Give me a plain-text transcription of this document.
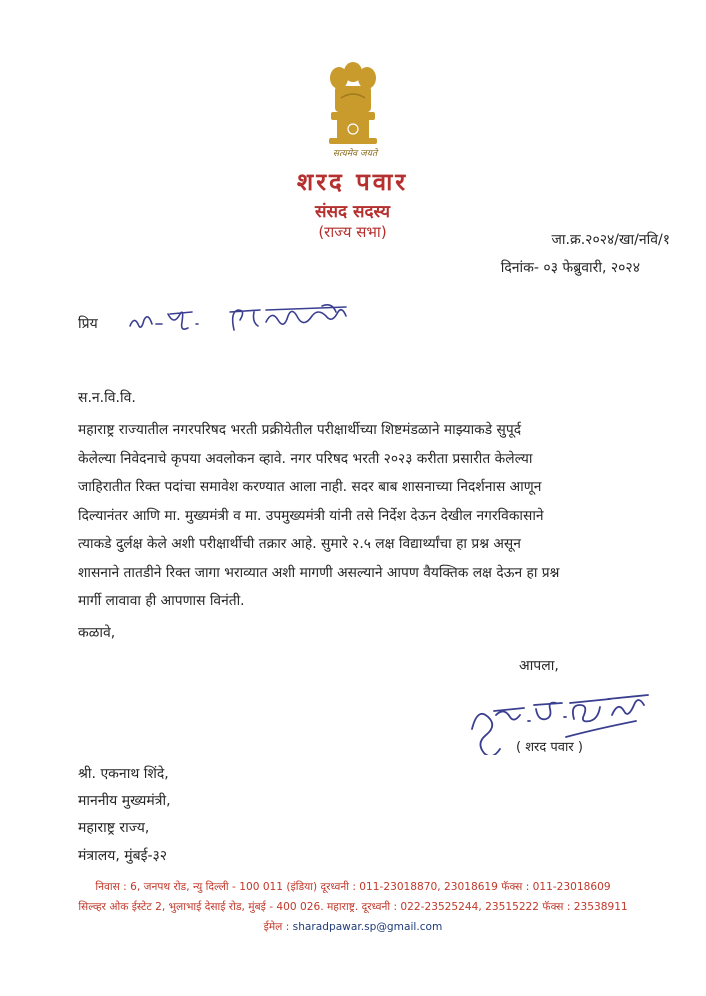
सत्यमेव जयते
शरद पवार
संसद सदस्य
(राज्य सभा)	जा.क्र.२०२४/खा/नवि/१
दिनांक- ०३ फेब्रुवारी, २०२४
प्रिय
स.न.वि.वि.
महाराष्ट्र राज्यातील नगरपरिषद भरती प्रक्रीयेतील परीक्षार्थीच्या शिष्टमंडळाने माझ्याकडे सुपूर्द
केलेल्या निवेदनाचे कृपया अवलोकन व्हावे. नगर परिषद भरती २०२३ करीता प्रसारीत केलेल्या
जाहिरातीत रिक्त पदांचा समावेश करण्यात आला नाही. सदर बाब शासनाच्या निदर्शनास आणून
दिल्यानंतर आणि मा. मुख्यमंत्री व मा. उपमुख्यमंत्री यांनी तसे निर्देश देऊन देखील नगरविकासाने
त्याकडे दुर्लक्ष केले अशी परीक्षार्थीची तक्रार आहे. सुमारे २.५ लक्ष विद्यार्थ्यांचा हा प्रश्न असून
शासनाने तातडीने रिक्त जागा भराव्यात अशी मागणी असल्याने आपण वैयक्तिक लक्ष देऊन हा प्रश्न
मार्गी लावावा ही आपणास विनंती.
कळावे,
आपला,
( शरद पवार )
श्री. एकनाथ शिंदे,
माननीय मुख्यमंत्री,
महाराष्ट्र राज्य,
मंत्रालय, मुंबई-३२
निवास : 6, जनपथ रोड, न्यु दिल्ली - 100 011 (इंडिया) दूरध्वनी : 011-23018870, 23018619 फॅक्स : 011-23018609
सिल्व्हर ओक ईस्टेट 2, भुलाभाई देसाई रोड, मुंबई - 400 026. महाराष्ट्र. दूरध्वनी : 022-23525244, 23515222 फॅक्स : 23538911
ईमेल : sharadpawar.sp@gmail.com
